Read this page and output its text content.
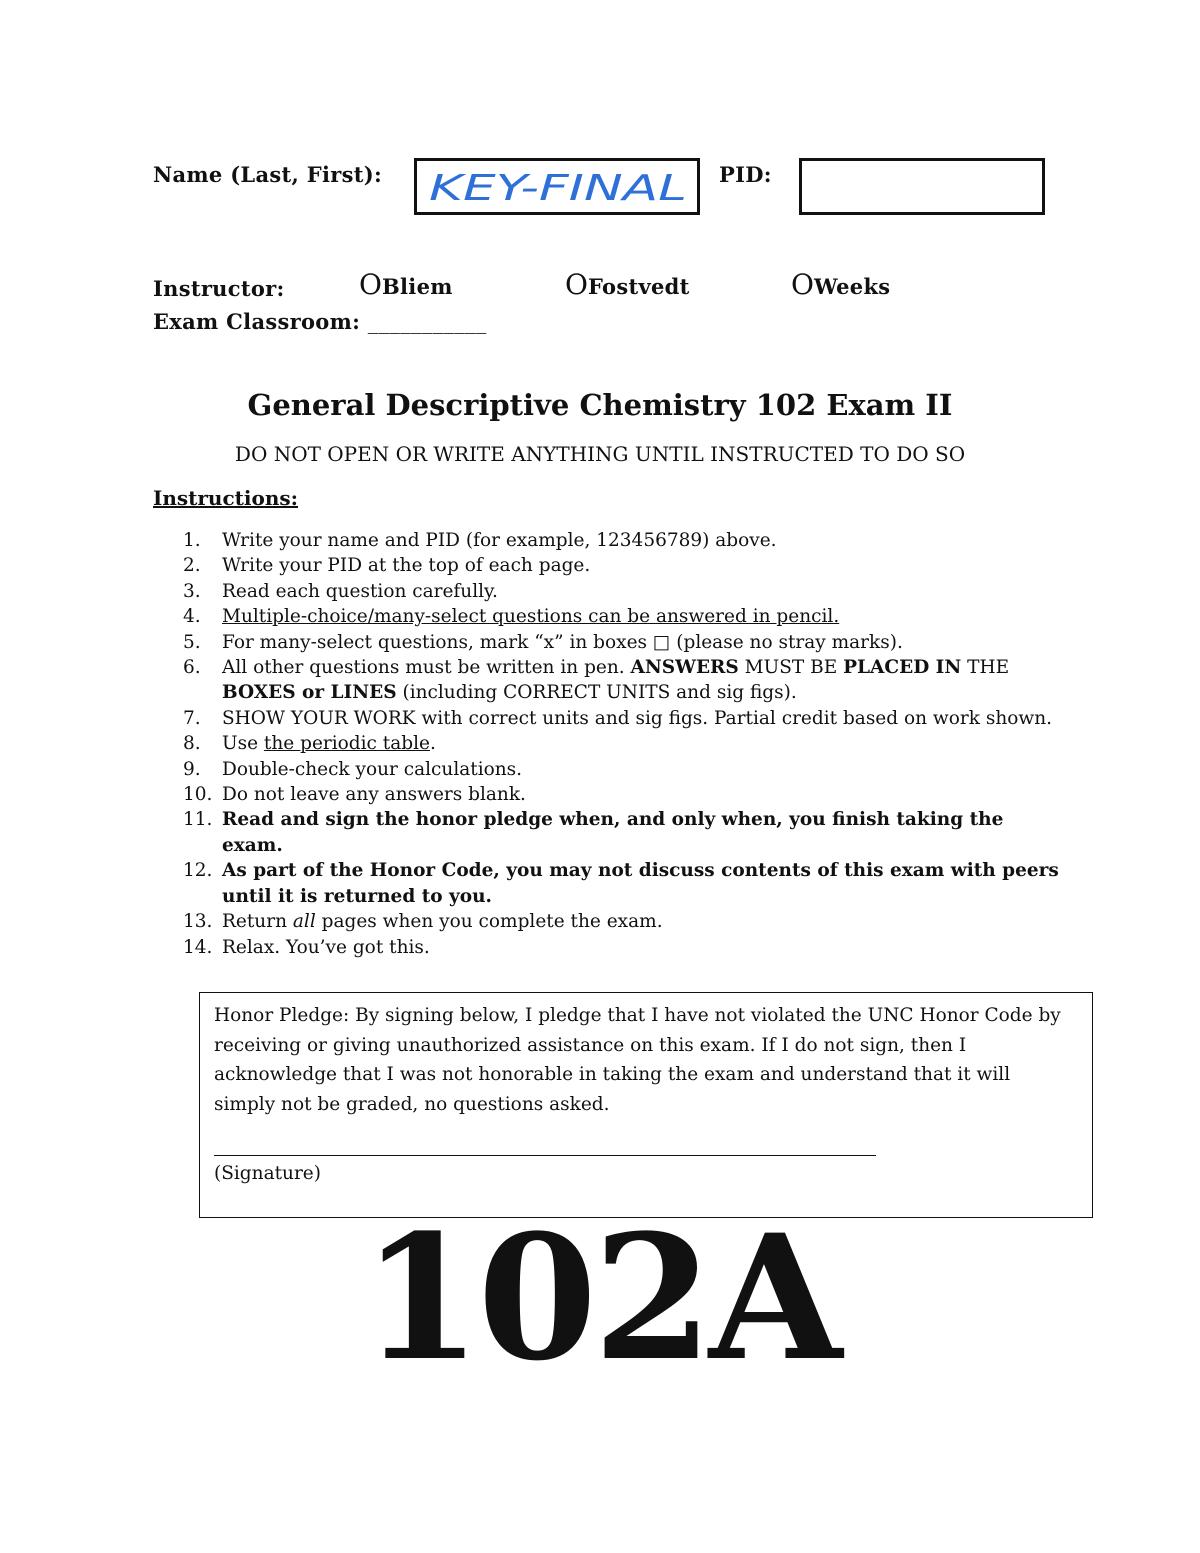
Name (Last, First): KEY-FINAL PID:
Instructor:	OBliem	OFostvedt	OWeeks
Exam Classroom: ___________
General Descriptive Chemistry 102 Exam II
DO NOT OPEN OR WRITE ANYTHING UNTIL INSTRUCTED TO DO SO
Instructions:
1.	Write your name and PID (for example, 123456789) above.
2.	Write your PID at the top of each page.
3.	Read each question carefully.
4.	Multiple-choice/many-select questions can be answered in pencil.
5.	For many-select questions, mark “x” in boxes □ (please no stray marks).
6.	All other questions must be written in pen. ANSWERS MUST BE PLACED IN THE BOXES or LINES (including CORRECT UNITS and sig figs).
7.	SHOW YOUR WORK with correct units and sig figs. Partial credit based on work shown.
8.	Use the periodic table.
9.	Double-check your calculations.
10. Do not leave any answers blank.
11. Read and sign the honor pledge when, and only when, you finish taking the exam.
12. As part of the Honor Code, you may not discuss contents of this exam with peers until it is returned to you.
13. Return all pages when you complete the exam.
14. Relax. You’ve got this.
Honor Pledge: By signing below, I pledge that I have not violated the UNC Honor Code by receiving or giving unauthorized assistance on this exam. If I do not sign, then I acknowledge that I was not honorable in taking the exam and understand that it will simply not be graded, no questions asked.
(Signature)
102A
